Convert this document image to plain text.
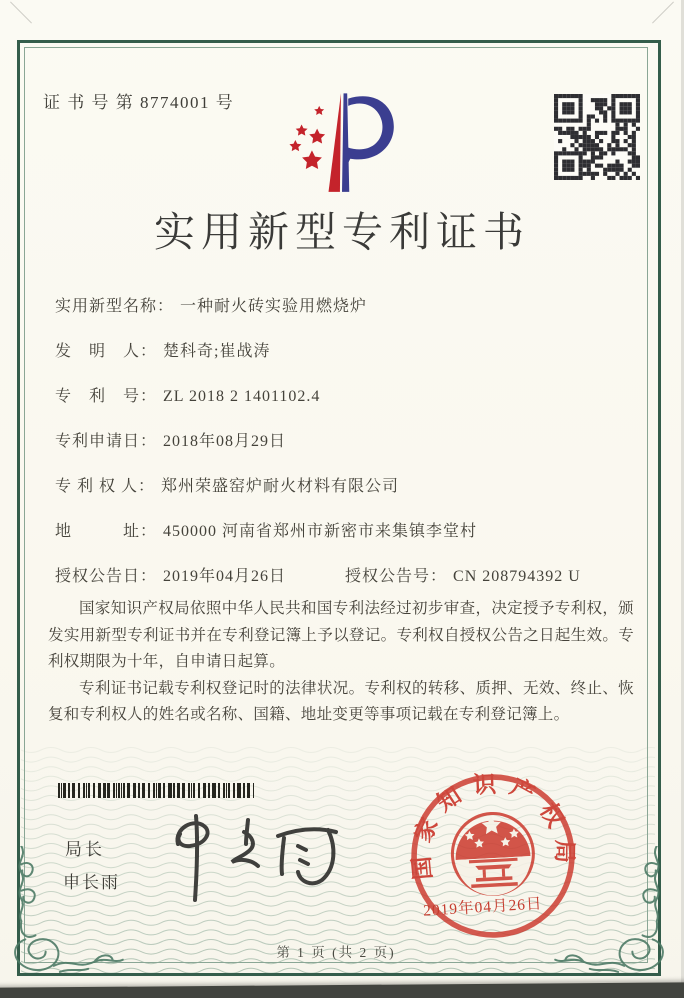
证 书 号 第 8774001 号
实用新型专利证书
实用新型名称： 一种耐火砖实验用燃烧炉
发　明　人： 楚科奇;崔战涛
专　利　号： ZL 2018 2 1401102.4
专利申请日： 2018年08月29日
专 利 权 人： 郑州荣盛窑炉耐火材料有限公司
地　　　址： 450000 河南省郑州市新密市来集镇李堂村
授权公告日： 2019年04月26日	授权公告号： CN 208794392 U

国家知识产权局依照中华人民共和国专利法经过初步审查，决定授予专利权，颁发实用新型专利证书并在专利登记簿上予以登记。专利权自授权公告之日起生效。专利权期限为十年，自申请日起算。

专利证书记载专利权登记时的法律状况。专利权的转移、质押、无效、终止、恢复和专利权人的姓名或名称、国籍、地址变更等事项记载在专利登记簿上。

局长
申长雨
国家知识产权局
2019年04月26日
第 1 页 (共 2 页)
